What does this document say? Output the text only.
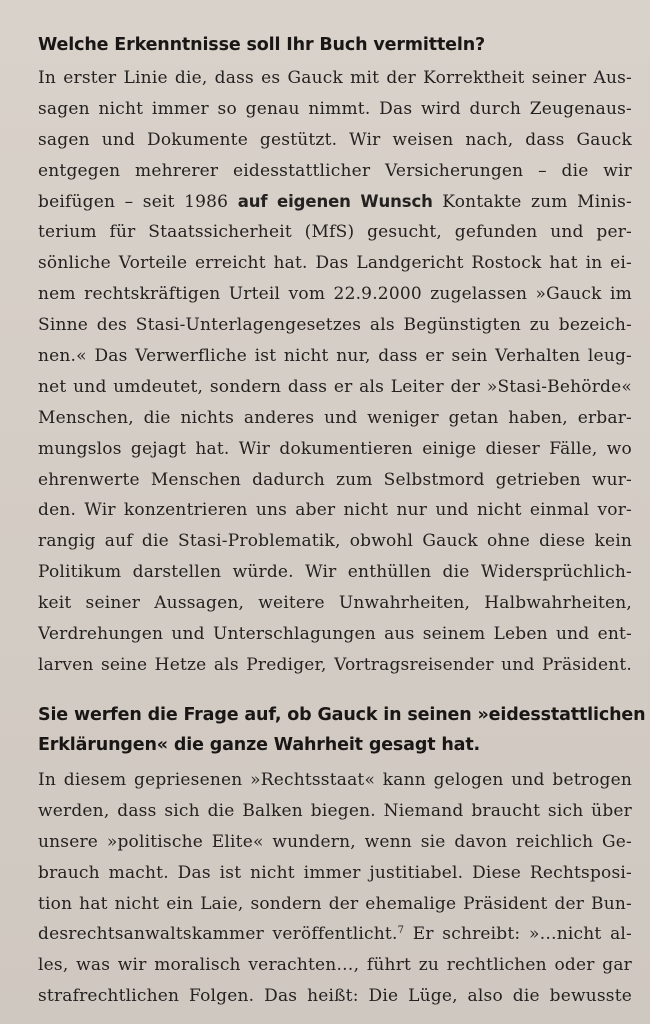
Welche Erkenntnisse soll Ihr Buch vermitteln?
In erster Linie die, dass es Gauck mit der Korrektheit seiner Aus-
sagen nicht immer so genau nimmt. Das wird durch Zeugenaus-
sagen und Dokumente gestützt. Wir weisen nach, dass Gauck
entgegen mehrerer eidesstattlicher Versicherungen – die wir
beifügen – seit 1986 auf eigenen Wunsch Kontakte zum Minis-
terium für Staatssicherheit (MfS) gesucht, gefunden und per-
sönliche Vorteile erreicht hat. Das Landgericht Rostock hat in ei-
nem rechtskräftigen Urteil vom 22.9.2000 zugelassen »Gauck im
Sinne des Stasi-Unterlagengesetzes als Begünstigten zu bezeich-
nen.« Das Verwerfliche ist nicht nur, dass er sein Verhalten leug-
net und umdeutet, sondern dass er als Leiter der »Stasi-Behörde«
Menschen, die nichts anderes und weniger getan haben, erbar-
mungslos gejagt hat. Wir dokumentieren einige dieser Fälle, wo
ehrenwerte Menschen dadurch zum Selbstmord getrieben wur-
den. Wir konzentrieren uns aber nicht nur und nicht einmal vor-
rangig auf die Stasi-Problematik, obwohl Gauck ohne diese kein
Politikum darstellen würde. Wir enthüllen die Widersprüchlich-
keit seiner Aussagen, weitere Unwahrheiten, Halbwahrheiten,
Verdrehungen und Unterschlagungen aus seinem Leben und ent-
larven seine Hetze als Prediger, Vortragsreisender und Präsident.
Sie werfen die Frage auf, ob Gauck in seinen »eidesstattlichen
Erklärungen« die ganze Wahrheit gesagt hat.
In diesem gepriesenen »Rechtsstaat« kann gelogen und betrogen
werden, dass sich die Balken biegen. Niemand braucht sich über
unsere »politische Elite« wundern, wenn sie davon reichlich Ge-
brauch macht. Das ist nicht immer justitiabel. Diese Rechtsposi-
tion hat nicht ein Laie, sondern der ehemalige Präsident der Bun-
desrechtsanwaltskammer veröffentlicht.$^7$ Er schreibt: »…nicht al-
les, was wir moralisch verachten…, führt zu rechtlichen oder gar
strafrechtlichen Folgen. Das heißt: Die Lüge, also die bewusste
